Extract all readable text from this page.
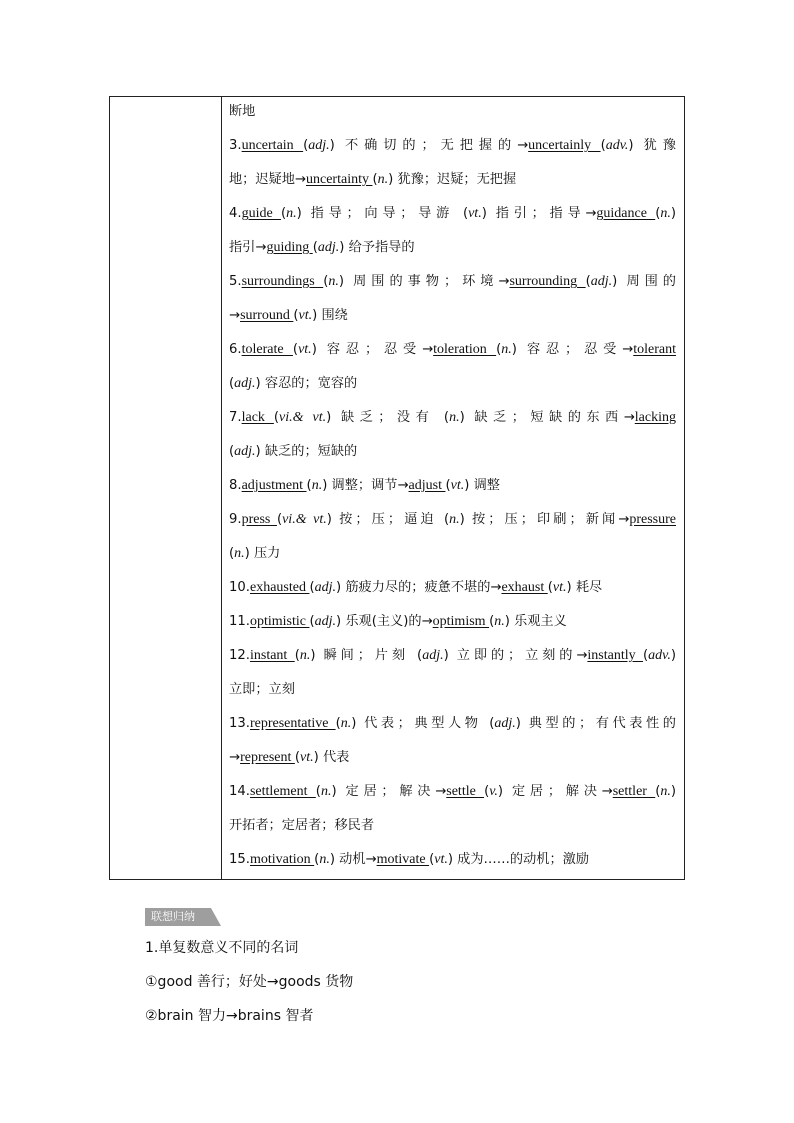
断地
3.uncertain (adj.) 不确切的；无把握的→uncertainly (adv.) 犹豫
地；迟疑地→uncertainty (n.) 犹豫；迟疑；无把握
4.guide (n.) 指导；向导；导游 (vt.) 指引；指导→guidance (n.)
指引→guiding (adj.) 给予指导的
5.surroundings (n.) 周围的事物；环境→surrounding (adj.) 周围的
→surround (vt.) 围绕
6.tolerate (vt.) 容忍；忍受→toleration (n.) 容忍；忍受→tolerant
(adj.) 容忍的；宽容的
7.lack (vi.& vt.) 缺乏；没有 (n.) 缺乏；短缺的东西→lacking
(adj.) 缺乏的；短缺的
8.adjustment (n.) 调整；调节→adjust (vt.) 调整
9.press (vi.& vt.) 按；压；逼迫 (n.) 按；压；印刷；新闻→pressure
(n.) 压力
10.exhausted (adj.) 筋疲力尽的；疲惫不堪的→exhaust (vt.) 耗尽
11.optimistic (adj.) 乐观(主义)的→optimism (n.) 乐观主义
12.instant (n.) 瞬间；片刻 (adj.) 立即的；立刻的→instantly (adv.)
立即；立刻
13.representative (n.) 代表；典型人物 (adj.) 典型的；有代表性的
→represent (vt.) 代表
14.settlement (n.) 定居；解决→settle (v.) 定居；解决→settler (n.)
开拓者；定居者；移民者
15.motivation (n.) 动机→motivate (vt.) 成为……的动机；激励
联想归纳
1.单复数意义不同的名词
①good 善行；好处→goods 货物
②brain 智力→brains 智者
